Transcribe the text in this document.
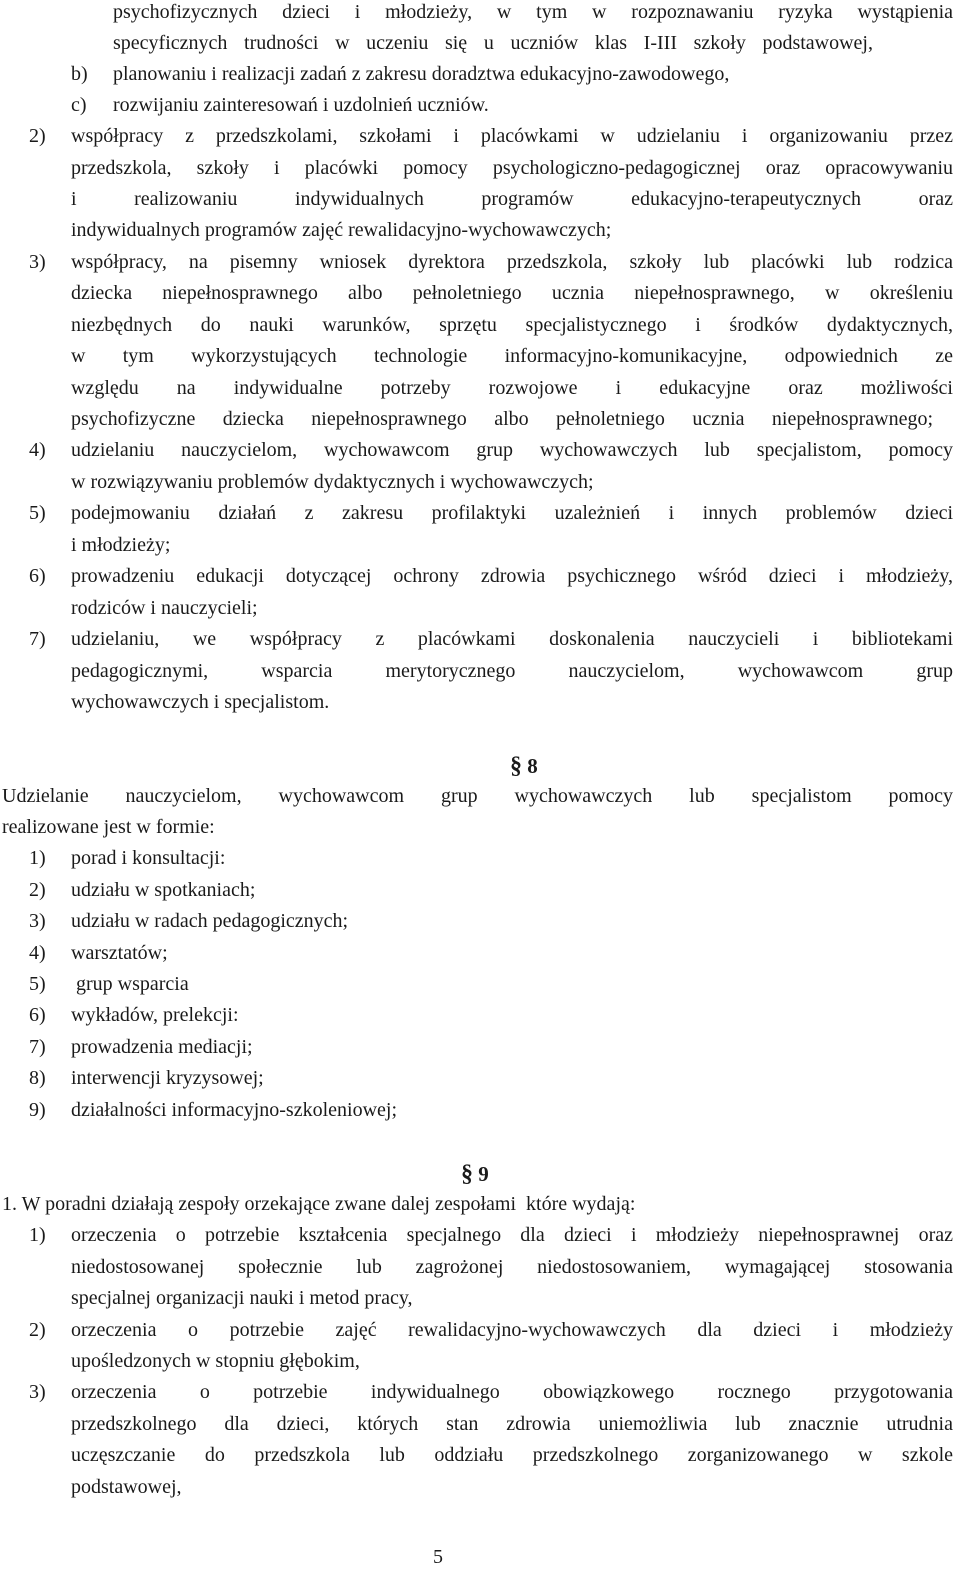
psychofizycznych dzieci i młodzieży, w tym w rozpoznawaniu ryzyka wystąpienia
specyficznych trudności w uczeniu się u uczniów klas I-III szkoły podstawowej,
b) planowaniu i realizacji zadań z zakresu doradztwa edukacyjno-zawodowego,
c) rozwijaniu zainteresowań i uzdolnień uczniów.
2) współpracy z przedszkolami, szkołami i placówkami w udzielaniu i organizowaniu przez
przedszkola, szkoły i placówki pomocy psychologiczno-pedagogicznej oraz opracowywaniu
i realizowaniu indywidualnych programów edukacyjno-terapeutycznych oraz
indywidualnych programów zajęć rewalidacyjno-wychowawczych;
3) współpracy, na pisemny wniosek dyrektora przedszkola, szkoły lub placówki lub rodzica
dziecka niepełnosprawnego albo pełnoletniego ucznia niepełnosprawnego, w określeniu
niezbędnych do nauki warunków, sprzętu specjalistycznego i środków dydaktycznych,
w tym wykorzystujących technologie informacyjno-komunikacyjne, odpowiednich ze
względu na indywidualne potrzeby rozwojowe i edukacyjne oraz możliwości
psychofizyczne dziecka niepełnosprawnego albo pełnoletniego ucznia niepełnosprawnego;
4) udzielaniu nauczycielom, wychowawcom grup wychowawczych lub specjalistom, pomocy
w rozwiązywaniu problemów dydaktycznych i wychowawczych;
5) podejmowaniu działań z zakresu profilaktyki uzależnień i innych problemów dzieci
i młodzieży;
6) prowadzeniu edukacji dotyczącej ochrony zdrowia psychicznego wśród dzieci i młodzieży,
rodziców i nauczycieli;
7) udzielaniu, we współpracy z placówkami doskonalenia nauczycieli i bibliotekami
pedagogicznymi, wsparcia merytorycznego nauczycielom, wychowawcom grup
wychowawczych i specjalistom.
§ 8
Udzielanie nauczycielom, wychowawcom grup wychowawczych lub specjalistom pomocy
realizowane jest w formie:
1) porad i konsultacji:
2) udziału w spotkaniach;
3) udziału w radach pedagogicznych;
4) warsztatów;
5) grup wsparcia
6) wykładów, prelekcji:
7) prowadzenia mediacji;
8) interwencji kryzysowej;
9) działalności informacyjno-szkoleniowej;
§ 9
1. W poradni działają zespoły orzekające zwane dalej zespołami  które wydają:
1) orzeczenia o potrzebie kształcenia specjalnego dla dzieci i młodzieży niepełnosprawnej oraz
niedostosowanej społecznie lub zagrożonej niedostosowaniem, wymagającej stosowania
specjalnej organizacji nauki i metod pracy,
2) orzeczenia o potrzebie zajęć rewalidacyjno-wychowawczych dla dzieci i młodzieży
upośledzonych w stopniu głębokim,
3) orzeczenia o potrzebie indywidualnego obowiązkowego rocznego przygotowania
przedszkolnego dla dzieci, których stan zdrowia uniemożliwia lub znacznie utrudnia
uczęszczanie do przedszkola lub oddziału przedszkolnego zorganizowanego w szkole
podstawowej,
5
